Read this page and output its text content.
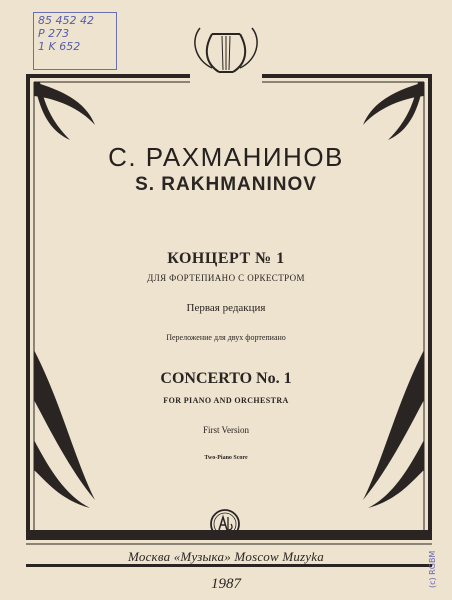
85 452 42
P 273
1 K 652
С. РАХМАНИНОВ
S. RAKHMANINOV
КОНЦЕРТ № 1
ДЛЯ ФОРТЕПИАНО С ОРКЕСТРОМ
Первая редакция
Переложение для двух фортепиано
CONCERTO No. 1
FOR PIANO AND ORCHESTRA
First Version
Two-Piano Score
Москва «Музыка» Moscow Muzyka
1987	(c) RGBM
